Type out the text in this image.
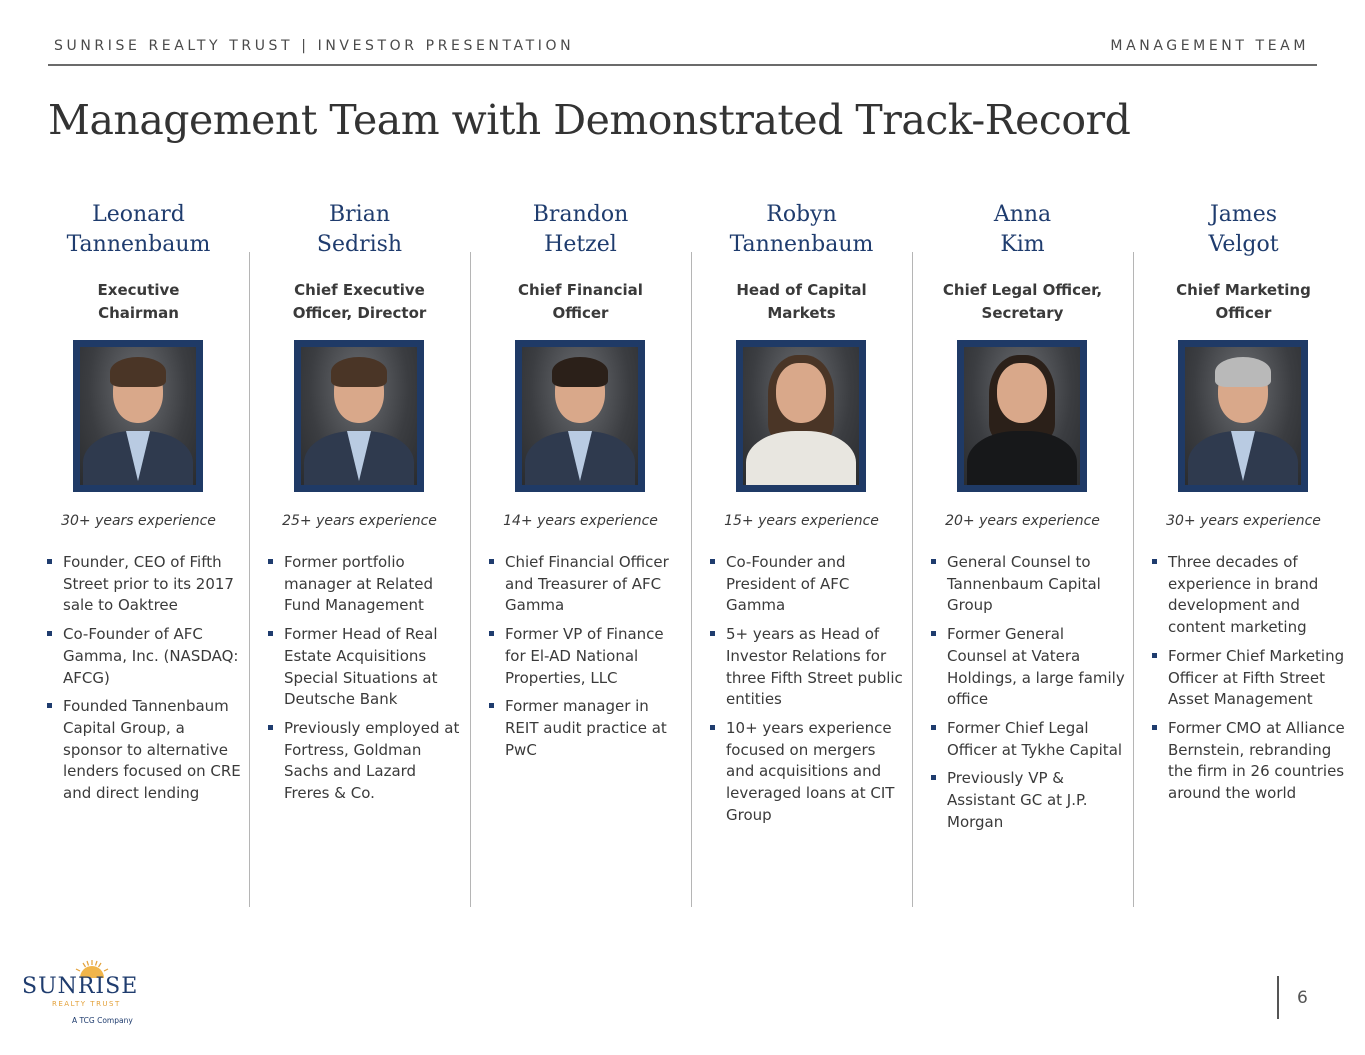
SUNRISE REALTY TRUST | INVESTOR PRESENTATION	MANAGEMENT TEAM
Management Team with Demonstrated Track-Record
Leonard
Tannenbaum
Executive
Chairman
30+ years experience
Founder, CEO of Fifth Street prior to its 2017 sale to Oaktree
Co-Founder of AFC Gamma, Inc. (NASDAQ: AFCG)
Founded Tannenbaum Capital Group, a sponsor to alternative lenders focused on CRE and direct lending
Brian
Sedrish
Chief Executive
Officer, Director
25+ years experience
Former portfolio manager at Related Fund Management
Former Head of Real Estate Acquisitions Special Situations at Deutsche Bank
Previously employed at Fortress, Goldman Sachs and Lazard Freres & Co.
Brandon
Hetzel
Chief Financial
Officer
14+ years experience
Chief Financial Officer and Treasurer of AFC Gamma
Former VP of Finance for El-AD National Properties, LLC
Former manager in REIT audit practice at PwC
Robyn
Tannenbaum
Head of Capital
Markets
15+ years experience
Co-Founder and President of AFC Gamma
5+ years as Head of Investor Relations for three Fifth Street public entities
10+ years experience focused on mergers and acquisitions and leveraged loans at CIT Group
Anna
Kim
Chief Legal Officer,
Secretary
20+ years experience
General Counsel to Tannenbaum Capital Group
Former General Counsel at Vatera Holdings, a large family office
Former Chief Legal Officer at Tykhe Capital
Previously VP & Assistant GC at J.P. Morgan
James
Velgot
Chief Marketing
Officer
30+ years experience
Three decades of experience in brand development and content marketing
Former Chief Marketing Officer at Fifth Street Asset Management
Former CMO at Alliance Bernstein, rebranding the firm in 26 countries around the world
SUNRISE
REALTY TRUST
A TCG Company
6
